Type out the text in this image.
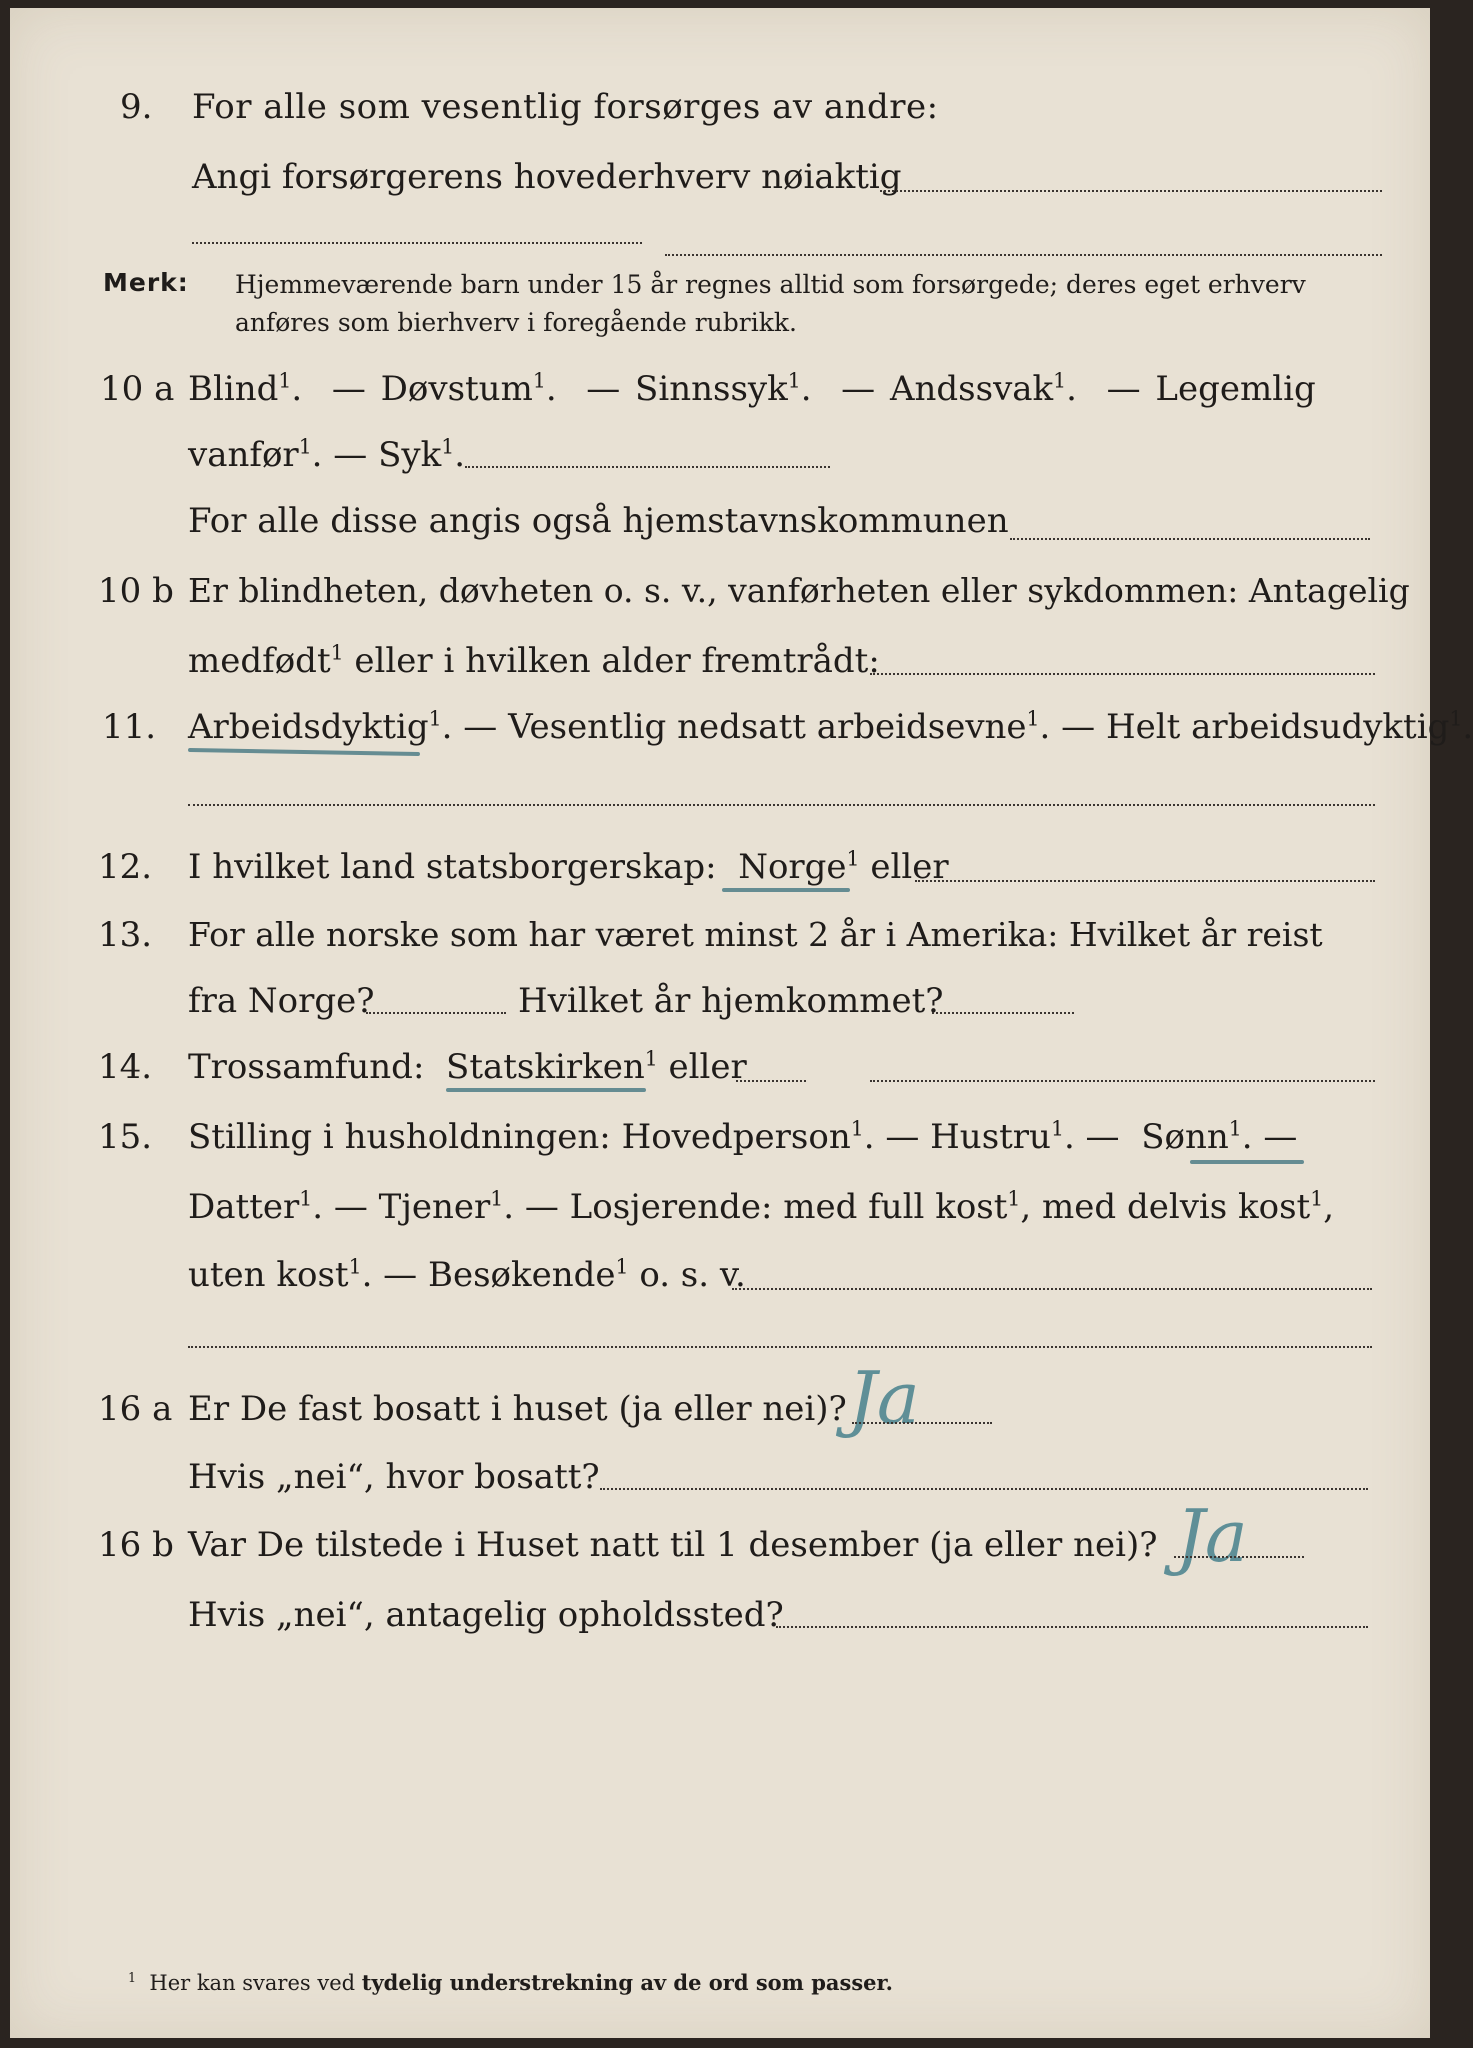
9. For alle som vesentlig forsørges av andre:
Angi forsørgerens hovederhverv nøiaktig
Merk: Hjemmeværende barn under 15 år regnes alltid som forsørgede; deres eget erhverv
anføres som bierhverv i foregående rubrikk.
10 a Blind$^1$.  — Døvstum$^1$.  — Sinnssyk$^1$.  — Andssvak$^1$.  — Legemlig
vanfør$^1$. — Syk$^1$.
For alle disse angis også hjemstavnskommunen
10 b Er blindheten, døvheten o. s. v., vanførheten eller sykdommen: Antagelig
medfødt$^1$ eller i hvilken alder fremtrådt:
11. Arbeidsdyktig$^1$. — Vesentlig nedsatt arbeidsevne$^1$. — Helt arbeidsudyktig$^1$.
12. I hvilket land statsborgerskap: Norge$^1$ eller
13. For alle norske som har været minst 2 år i Amerika: Hvilket år reist
fra Norge?	Hvilket år hjemkommet?
14. Trossamfund: Statskirken$^1$ eller
15. Stilling i husholdningen: Hovedperson$^1$. — Hustru$^1$. — Sønn$^1$. —
Datter$^1$. — Tjener$^1$. — Losjerende: med full kost$^1$, med delvis kost$^1$,
uten kost$^1$. — Besøkende$^1$ o. s. v.
16 a Er De fast bosatt i huset (ja eller nei)? Ja
Hvis „nei“, hvor bosatt?
16 b Var De tilstede i Huset natt til 1 desember (ja eller nei)? Ja
Hvis „nei“, antagelig opholdssted?
$^1$ Her kan svares ved tydelig understrekning av de ord som passer.
